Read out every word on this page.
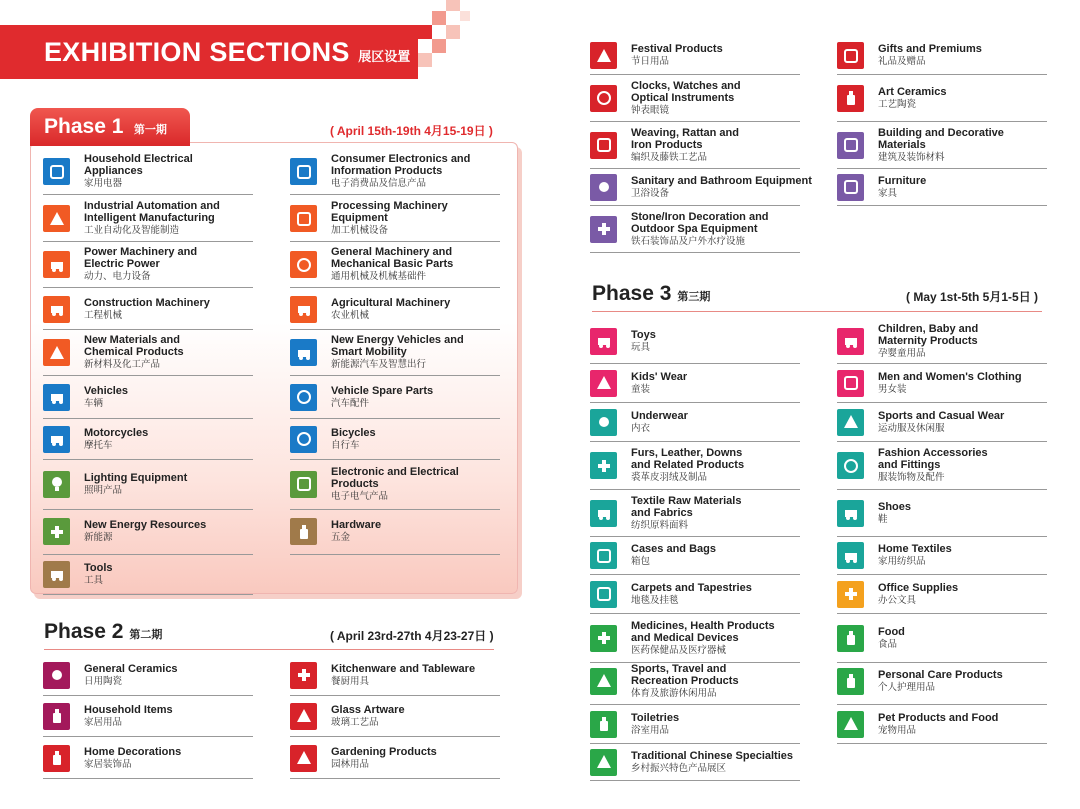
EXHIBITION SECTIONS 展区设置
Phase 1 第一期	( April 15th-19th 4月15-19日 )
Phase 2 第二期	( April 23rd-27th 4月23-27日 )
Phase 3 第三期	( May 1st-5th 5月1-5日 )
Household Electrical
Appliances
家用电器
Consumer Electronics and
Information Products
电子消费品及信息产品
Industrial Automation and
Intelligent Manufacturing
工业自动化及智能制造
Processing Machinery
Equipment
加工机械设备
Power Machinery and
Electric Power
动力、电力设备
General Machinery and
Mechanical Basic Parts
通用机械及机械基础件
Construction Machinery
工程机械
Agricultural Machinery
农业机械
New Materials and
Chemical Products
新材料及化工产品
New Energy Vehicles and
Smart Mobility
新能源汽车及智慧出行
Vehicles
车辆
Vehicle Spare Parts
汽车配件
Motorcycles
摩托车
Bicycles
自行车
Lighting Equipment
照明产品
Electronic and Electrical
Products
电子电气产品
New Energy Resources
新能源
Hardware
五金
Tools
工具
General Ceramics
日用陶瓷
Kitchenware and Tableware
餐厨用具
Household Items
家居用品
Glass Artware
玻璃工艺品
Home Decorations
家居装饰品
Gardening Products
园林用品
Festival Products
节日用品
Gifts and Premiums
礼品及赠品
Clocks, Watches and
Optical Instruments
钟表眼镜
Art Ceramics
工艺陶瓷
Weaving, Rattan and
Iron Products
编织及藤铁工艺品
Building and Decorative
Materials
建筑及装饰材料
Sanitary and Bathroom Equipment
卫浴设备
Furniture
家具
Stone/Iron Decoration and
Outdoor Spa Equipment
铁石装饰品及户外水疗设施
Toys
玩具
Children, Baby and
Maternity Products
孕婴童用品
Kids' Wear
童装
Men and Women's Clothing
男女装
Underwear
内衣
Sports and Casual Wear
运动服及休闲服
Furs, Leather, Downs
and Related Products
裘革皮羽绒及制品
Fashion Accessories
and Fittings
服装饰物及配件
Textile Raw Materials
and Fabrics
纺织原料面料
Shoes
鞋
Cases and Bags
箱包
Home Textiles
家用纺织品
Carpets and Tapestries
地毯及挂毯
Office Supplies
办公文具
Medicines, Health Products
and Medical Devices
医药保健品及医疗器械
Food
食品
Sports, Travel and
Recreation Products
体育及旅游休闲用品
Personal Care Products
个人护理用品
Toiletries
浴室用品
Pet Products and Food
宠物用品
Traditional Chinese Specialties
乡村振兴特色产品展区
